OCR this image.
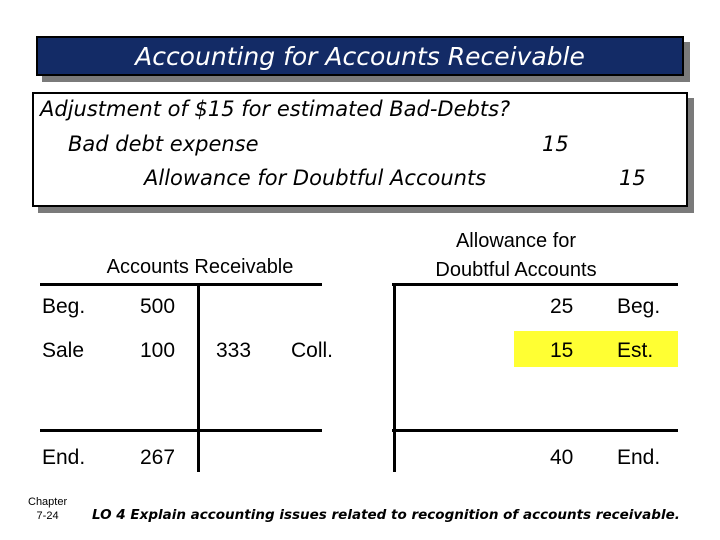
Accounting for Accounts Receivable
Adjustment of $15 for estimated Bad-Debts?
Bad debt expense	15
Allowance for Doubtful Accounts	15
Accounts Receivable
Beg.	500
Sale	100 333 Coll.
End.	267
Allowance for
Doubtful Accounts
25 Beg.
15 Est.
40 End.
Chapter
7-24	LO 4 Explain accounting issues related to recognition of accounts receivable.
